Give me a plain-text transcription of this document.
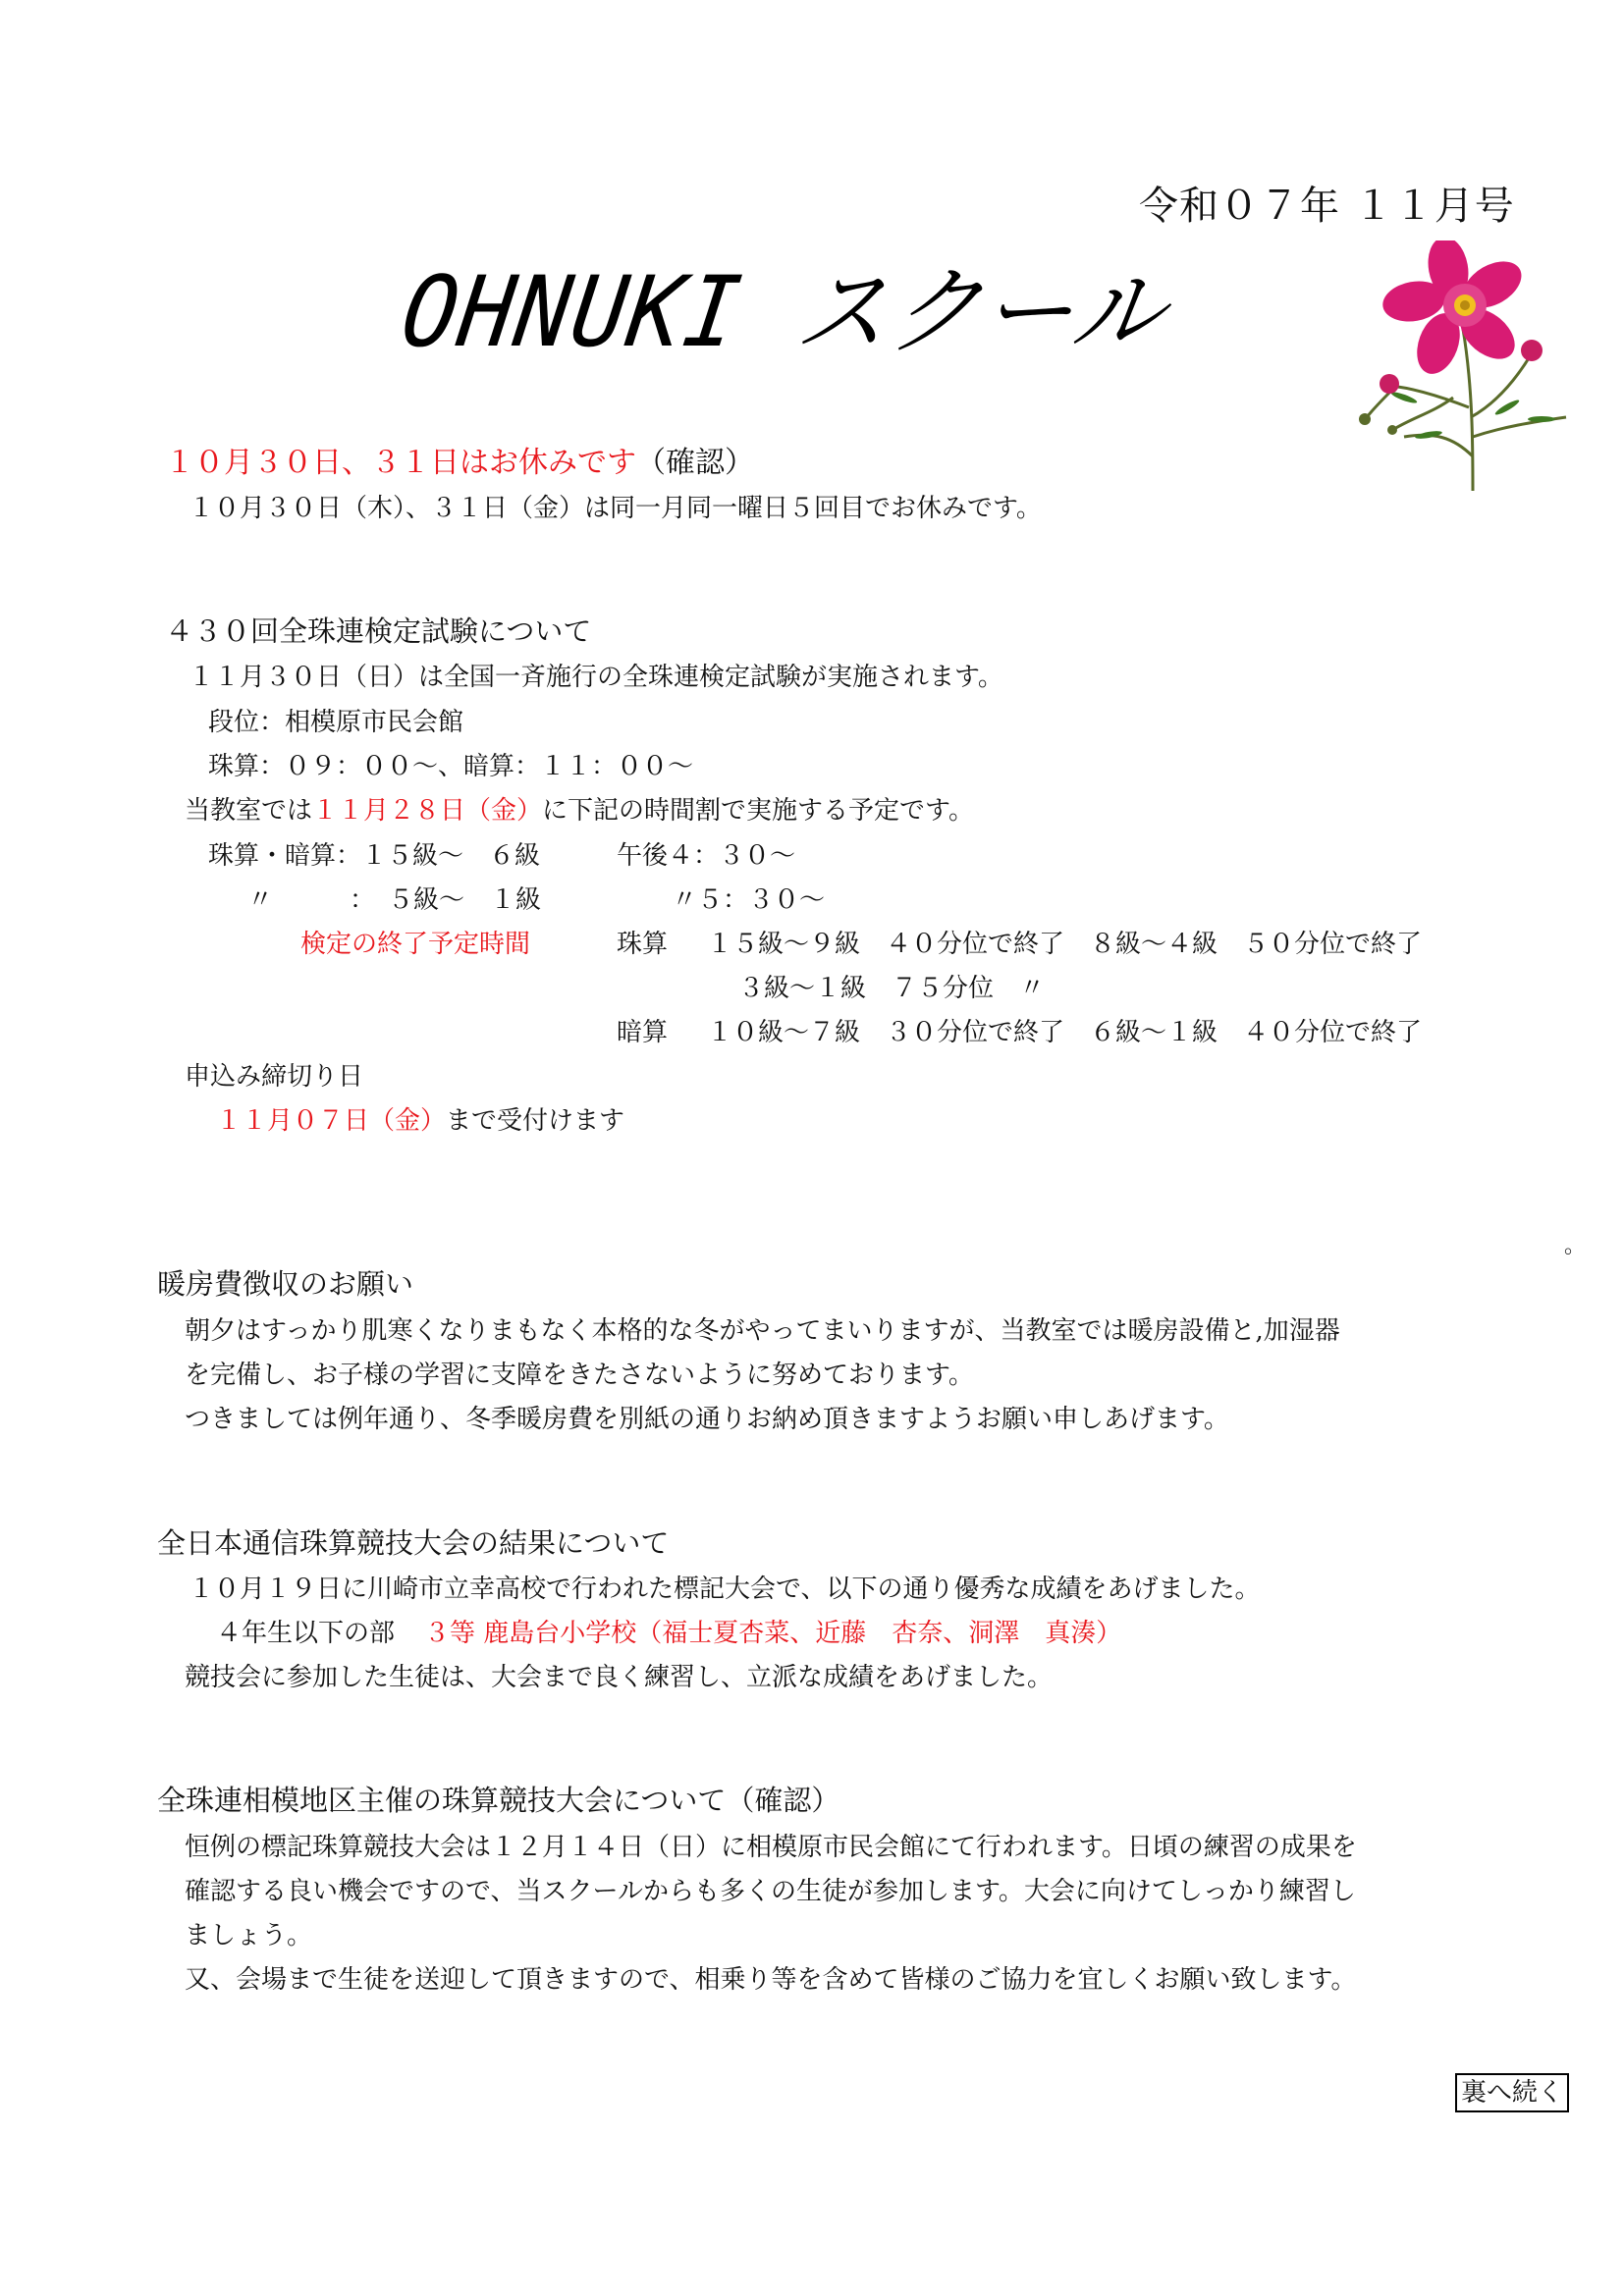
令和０７年 １１月号
OHNUKI スクール
１０月３０日、３１日はお休みです（確認）
１０月３０日（木）、３１日（金）は同一月同一曜日５回目でお休みです。
４３０回全珠連検定試験について
１１月３０日（日）は全国一斉施行の全珠連検定試験が実施されます。
段位：相模原市民会館
珠算：０９：００～、暗算：１１：００～
当教室では１１月２８日（金）に下記の時間割で実施する予定です。
珠算・暗算：１５級～　６級	午後４：３０～
〃　　　：　５級～　１級	〃５：３０～
検定の終了予定時間	珠算 １５級～９級　４０分位で終了　８級～４級　５０分位で終了
３級～１級　７５分位　〃
暗算 １０級～７級　３０分位で終了　６級～１級　４０分位で終了
申込み締切り日
１１月０７日（金）まで受付けます
。
暖房費徴収のお願い
朝夕はすっかり肌寒くなりまもなく本格的な冬がやってまいりますが、当教室では暖房設備と,加湿器
を完備し、お子様の学習に支障をきたさないように努めております。
つきましては例年通り、冬季暖房費を別紙の通りお納め頂きますようお願い申しあげます。
全日本通信珠算競技大会の結果について
１０月１９日に川崎市立幸高校で行われた標記大会で、以下の通り優秀な成績をあげました。
４年生以下の部 ３等 鹿島台小学校（福士夏杏菜、近藤　杏奈、洞澤　真湊）
競技会に参加した生徒は、大会まで良く練習し、立派な成績をあげました。
全珠連相模地区主催の珠算競技大会について（確認）
恒例の標記珠算競技大会は１２月１４日（日）に相模原市民会館にて行われます。日頃の練習の成果を
確認する良い機会ですので、当スクールからも多くの生徒が参加します。大会に向けてしっかり練習し
ましょう。
又、会場まで生徒を送迎して頂きますので、相乗り等を含めて皆様のご協力を宜しくお願い致します。
裏へ続く
